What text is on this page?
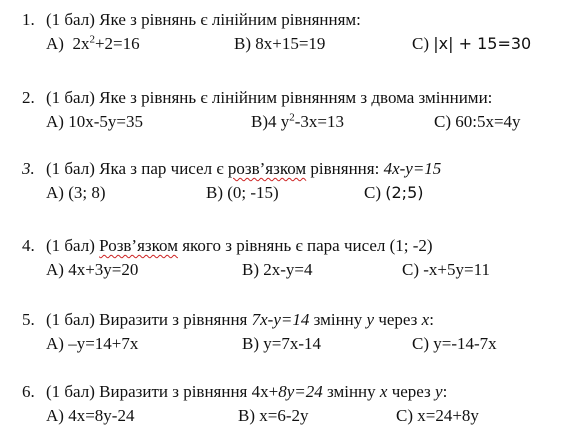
1. (1 бал) Яке з рівнянь є лінійним рівнянням:
А) $2х^2+2=16$	B) 8х+15=19	C) |x| + 15=30
2. (1 бал) Яке з рівнянь є лінійним рівнянням з двома змінними:
А) 10х-5у=35	В)4 $у^2-3х=13$	С) 60:5х=4у
3. (1 бал) Яка з пар чисел є розв’язком рівняння: 4х-у=15
А) (3; 8)	В) (0; -15)	С) (2;5)
4. (1 бал) Розв’язком якого з рівнянь є пара чисел (1; -2)
А) 4х+3у=20	В) 2х-у=4	С) -х+5у=11
5. (1 бал) Виразити з рівняння 7х-у=14 змінну у через х:
А) –у=14+7х	В) у=7х-14	С) у=-14-7х
6. (1 бал) Виразити з рівняння 4х+8у=24 змінну х через у:
А) 4х=8у-24	В) х=6-2у	С) х=24+8у
